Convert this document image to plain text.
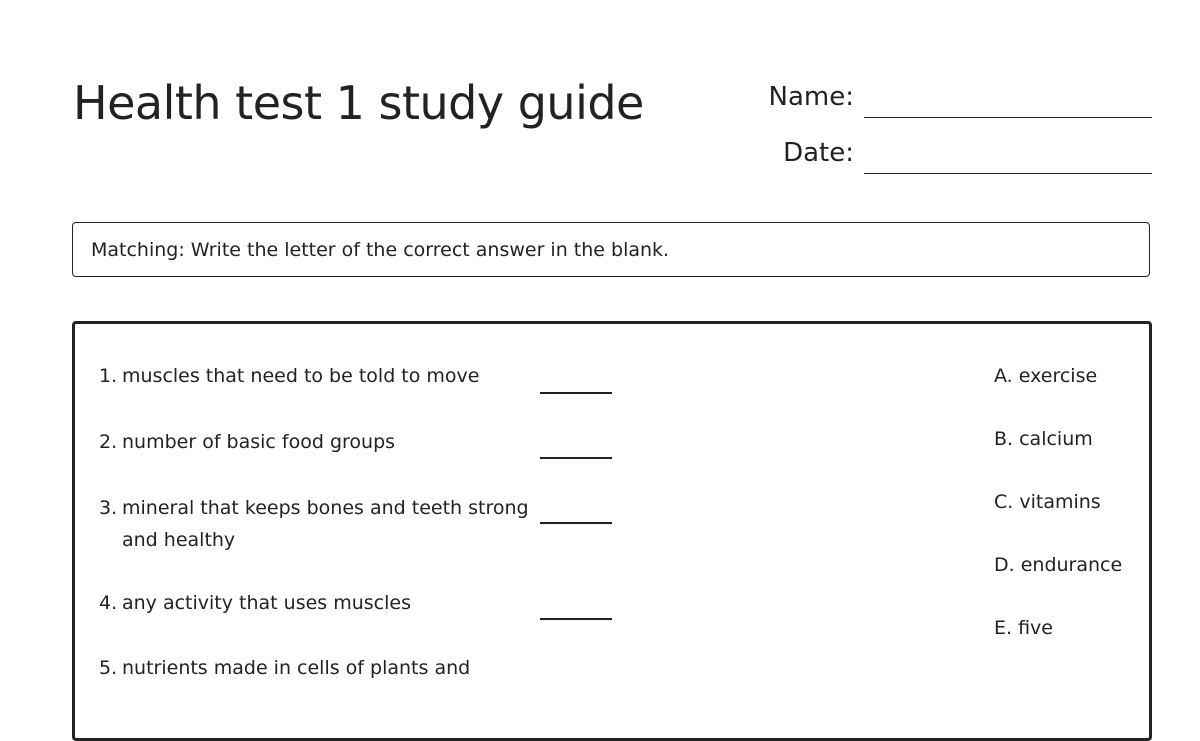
Health test 1 study guide	Name:
Date:
Matching: Write the letter of the correct answer in the blank.
1. muscles that need to be told to move
2. number of basic food groups
3. mineral that keeps bones and teeth strong and healthy
4. any activity that uses muscles
5. nutrients made in cells of plants and
A. exercise
B. calcium
C. vitamins
D. endurance
E. five
